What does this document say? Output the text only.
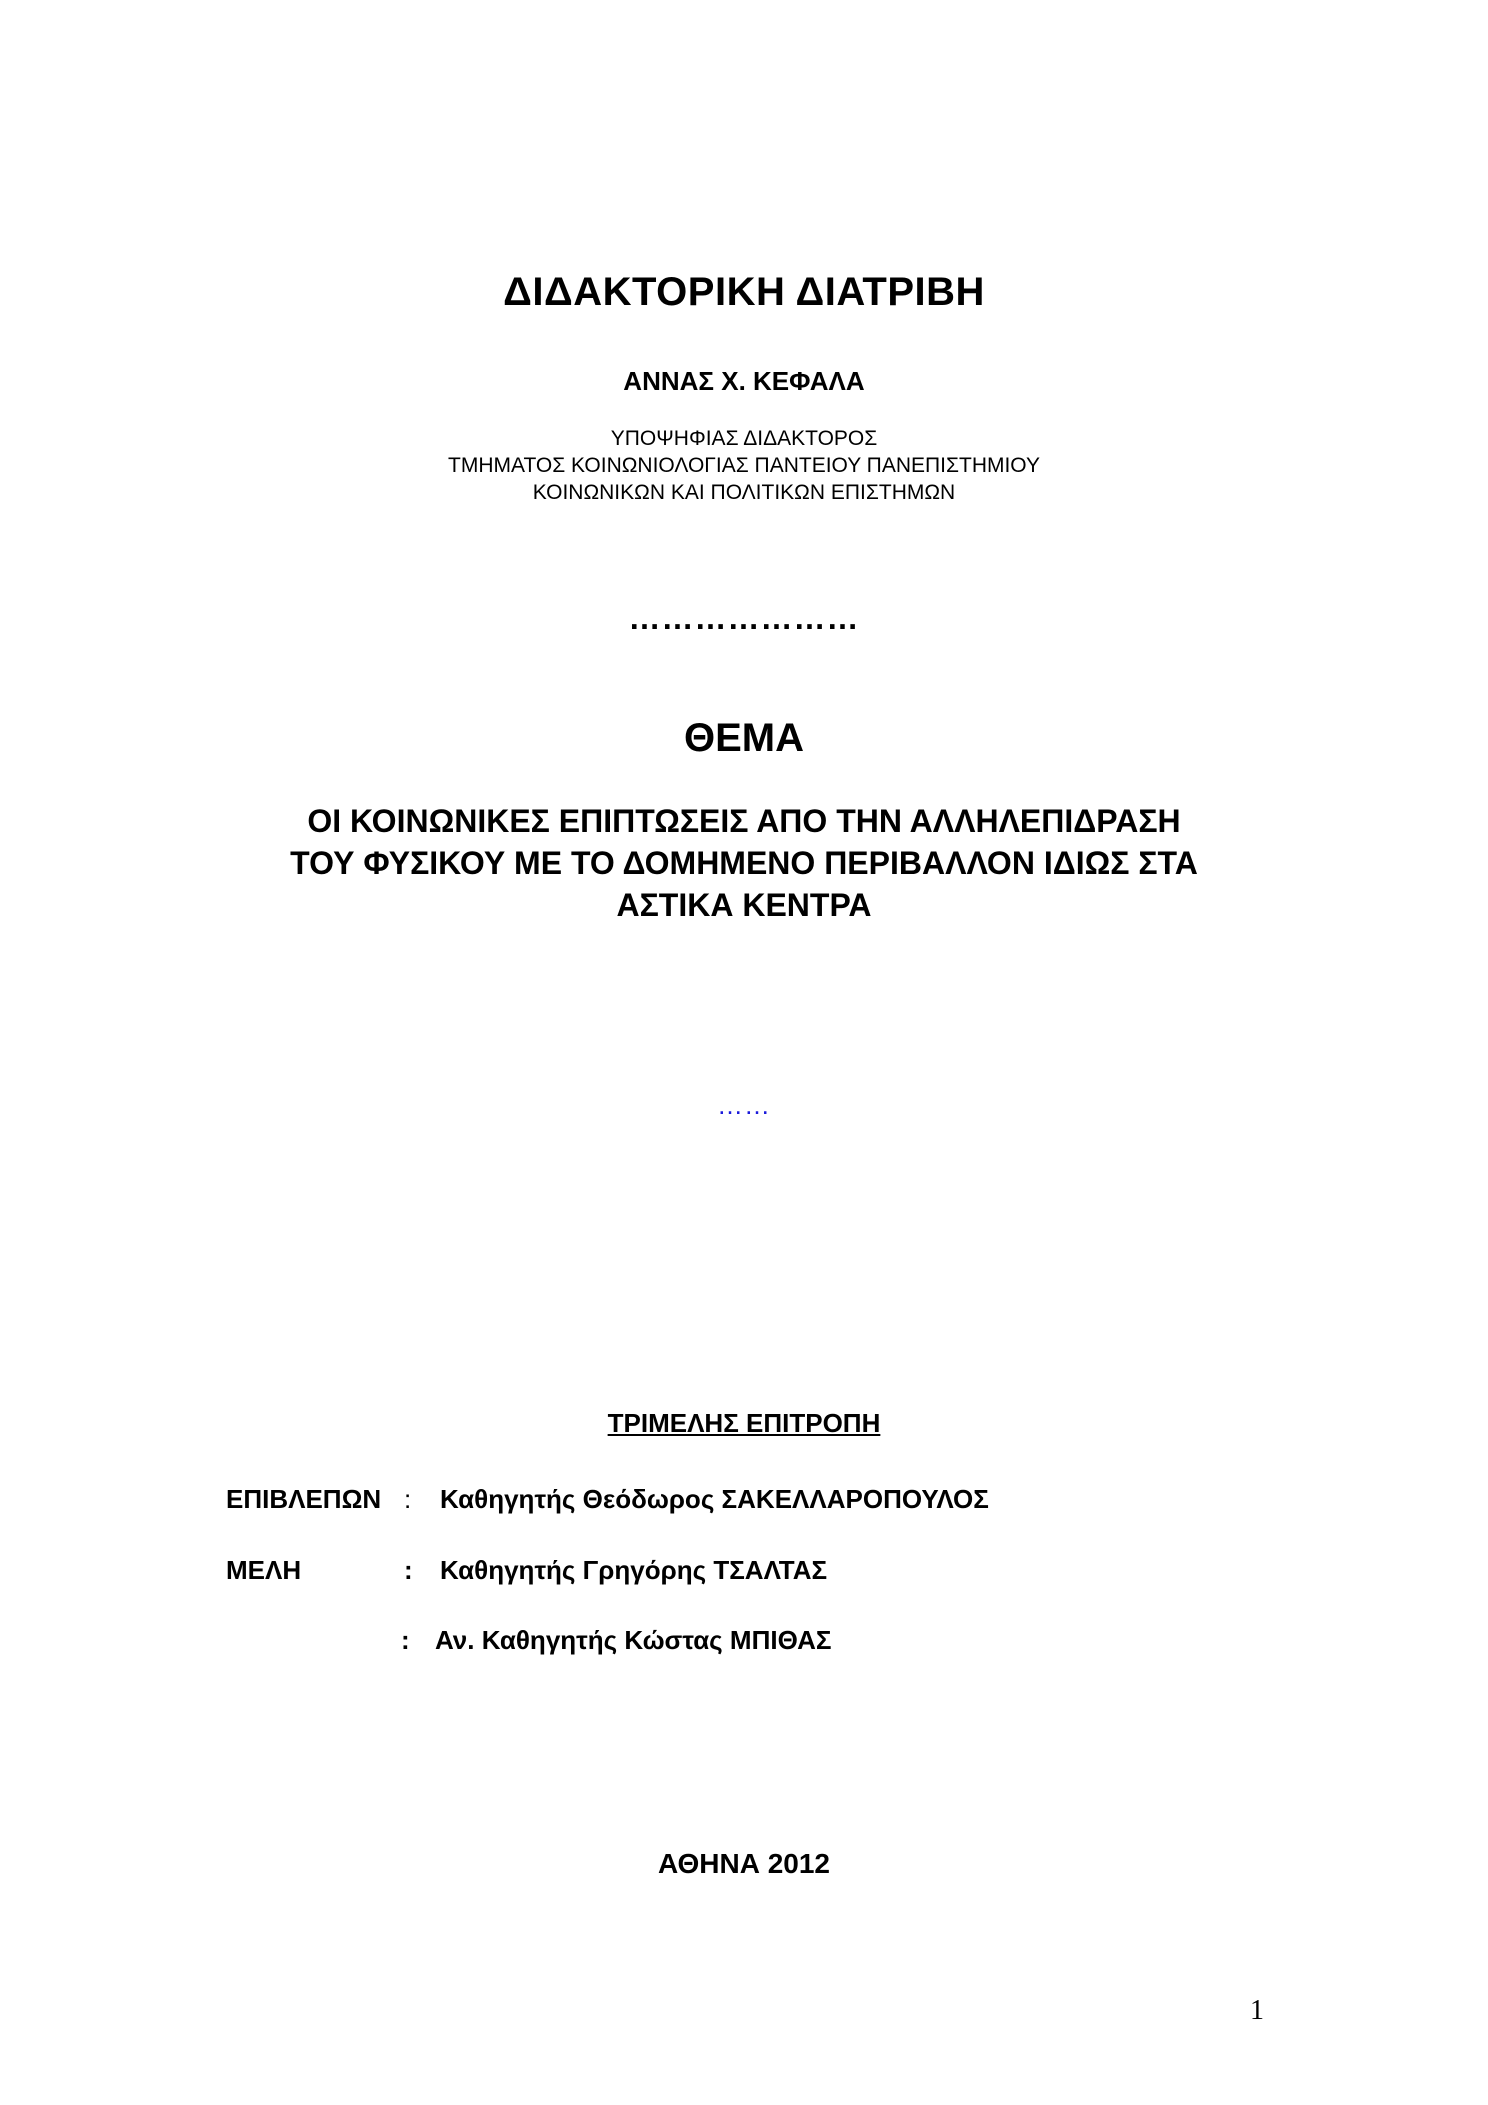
ΔΙΔΑΚΤΟΡΙΚΗ ΔΙΑΤΡΙΒΗ
ΑΝΝΑΣ Χ. ΚΕΦΑΛΑ
ΥΠΟΨΗΦΙΑΣ ΔΙΔΑΚΤΟΡΟΣ
ΤΜΗΜΑΤΟΣ ΚΟΙΝΩΝΙΟΛΟΓΙΑΣ ΠΑΝΤΕΙΟΥ ΠΑΝΕΠΙΣΤΗΜΙΟΥ
ΚΟΙΝΩΝΙΚΩΝ ΚΑΙ ΠΟΛΙΤΙΚΩΝ ΕΠΙΣΤΗΜΩΝ
…………………
ΘΕΜΑ
ΟΙ ΚΟΙΝΩΝΙΚΕΣ ΕΠΙΠΤΩΣΕΙΣ ΑΠΟ ΤΗΝ ΑΛΛΗΛΕΠΙΔΡΑΣΗ
ΤΟΥ ΦΥΣΙΚΟΥ ΜΕ ΤΟ ΔΟΜΗΜΕΝΟ ΠΕΡΙΒΑΛΛΟΝ ΙΔΙΩΣ ΣΤΑ
ΑΣΤΙΚΑ ΚΕΝΤΡΑ
……
ΤΡΙΜΕΛΗΣ ΕΠΙΤΡΟΠΗ
ΕΠΙΒΛΕΠΩΝ : Καθηγητής Θεόδωρος ΣΑΚΕΛΛΑΡΟΠΟΥΛΟΣ
ΜΕΛΗ	: Καθηγητής Γρηγόρης ΤΣΑΛΤΑΣ
: Αν. Καθηγητής Κώστας ΜΠΙΘΑΣ
ΑΘΗΝΑ 2012
1
